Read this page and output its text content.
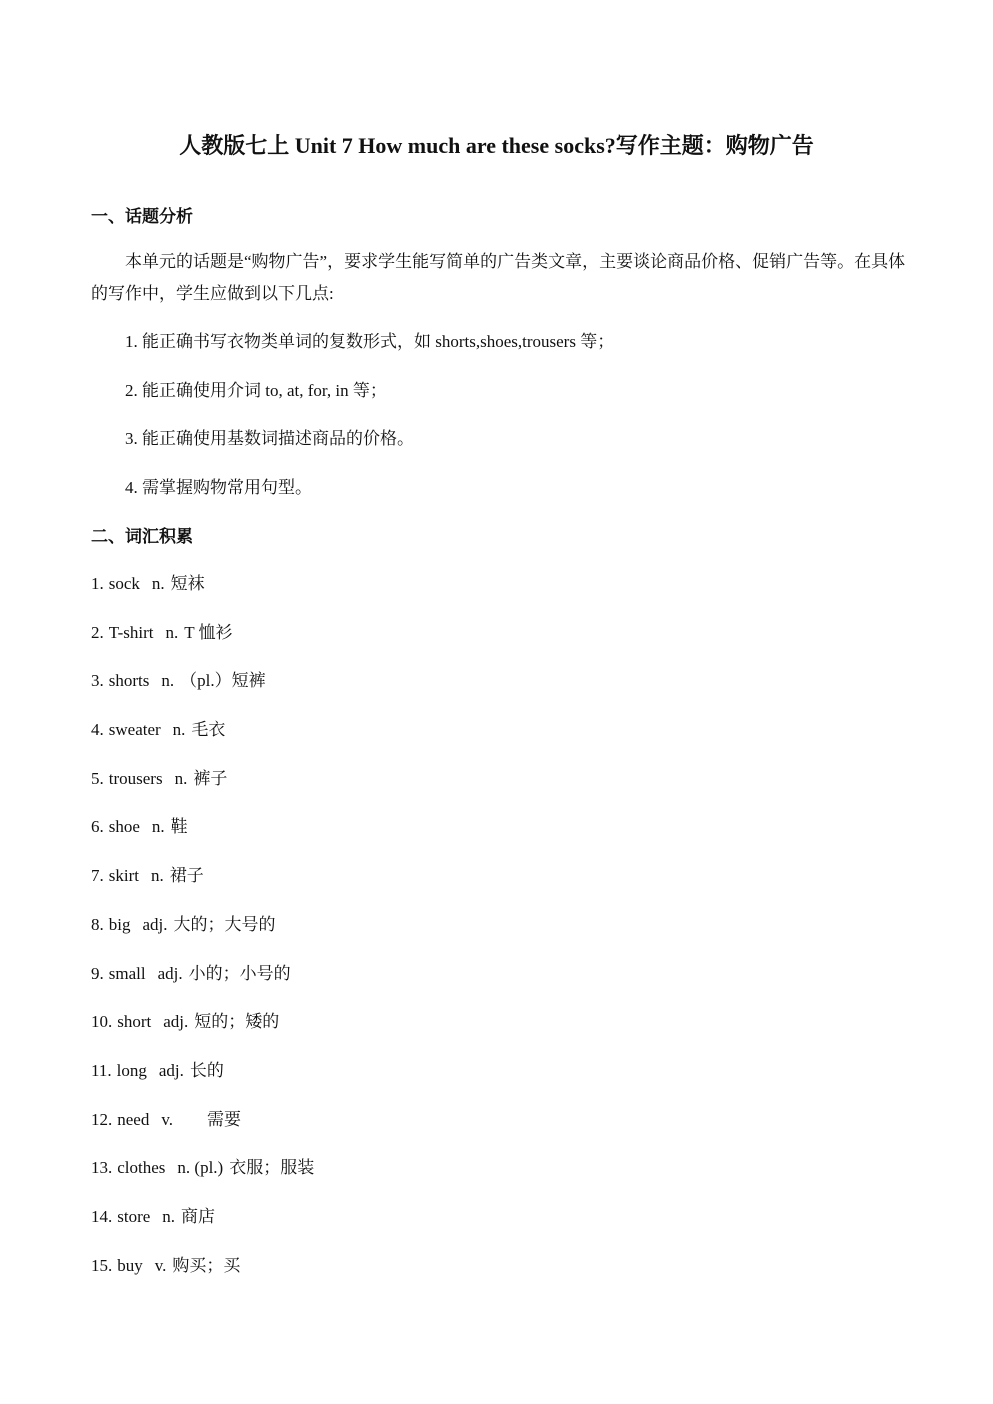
人教版七上 Unit 7 How much are these socks?写作主题：购物广告
一、话题分析
本单元的话题是“购物广告”，要求学生能写简单的广告类文章，主要谈论商品价格、促销广告等。在具体的写作中，学生应做到以下几点:
1. 能正确书写衣物类单词的复数形式，如 shorts,shoes,trousers 等；
2. 能正确使用介词 to, at, for, in 等；
3. 能正确使用基数词描述商品的价格。
4. 需掌握购物常用句型。
二、词汇积累
1. sock n. 短袜
2. T-shirt n. T 恤衫
3. shorts n. （pl.）短裤
4. sweater n. 毛衣
5. trousers n. 裤子
6. shoe n. 鞋
7. skirt n. 裙子
8. big adj. 大的；大号的
9. small adj. 小的；小号的
10. short adj. 短的；矮的
11. long adj. 长的
12. need v. 需要
13. clothes n. (pl.) 衣服；服装
14. store n. 商店
15. buy v. 购买；买
